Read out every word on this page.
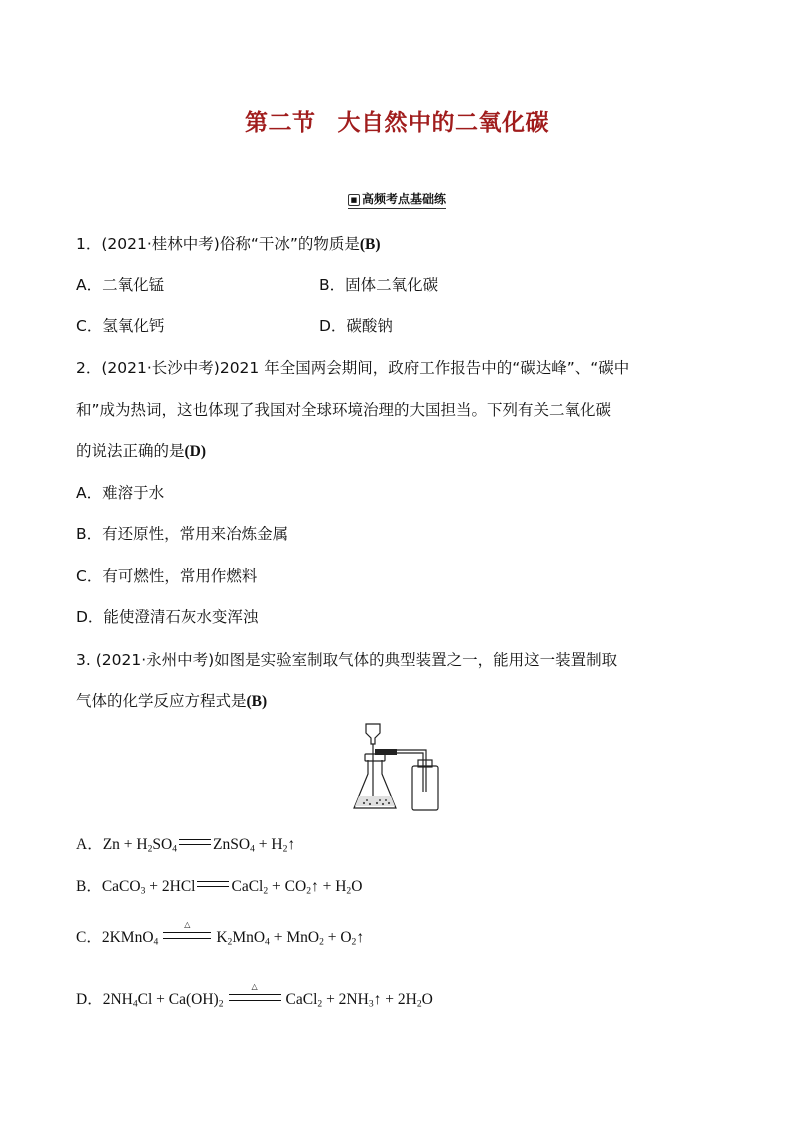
第二节 大自然中的二氧化碳
■ 高频考点基础练
1．(2021·桂林中考)俗称“干冰”的物质是(B)
A．二氧化锰	B．固体二氧化碳
C．氢氧化钙	D．碳酸钠
2．(2021·长沙中考)2021 年全国两会期间，政府工作报告中的“碳达峰”、“碳中
和”成为热词，这也体现了我国对全球环境治理的大国担当。下列有关二氧化碳
的说法正确的是(D)
A．难溶于水
B．有还原性，常用来冶炼金属
C．有可燃性，常用作燃料
D．能使澄清石灰水变浑浊
3. (2021·永州中考)如图是实验室制取气体的典型装置之一，能用这一装置制取
气体的化学反应方程式是(B)
A．$Zn + H_2SO_4$ ZnSO$_4$ + $H_2↑$
B．CaCO$_3$ + 2HCl CaCl$_2$ + $CO_2↑ + H_2O$
C．2KMnO$_4$
△
$K_2MnO_4 + MnO_2$ + $O_2↑$
D．$2NH_4Cl + Ca(OH)_2$
△
CaCl$_2$ + $2NH_3↑ + 2H_2O$
